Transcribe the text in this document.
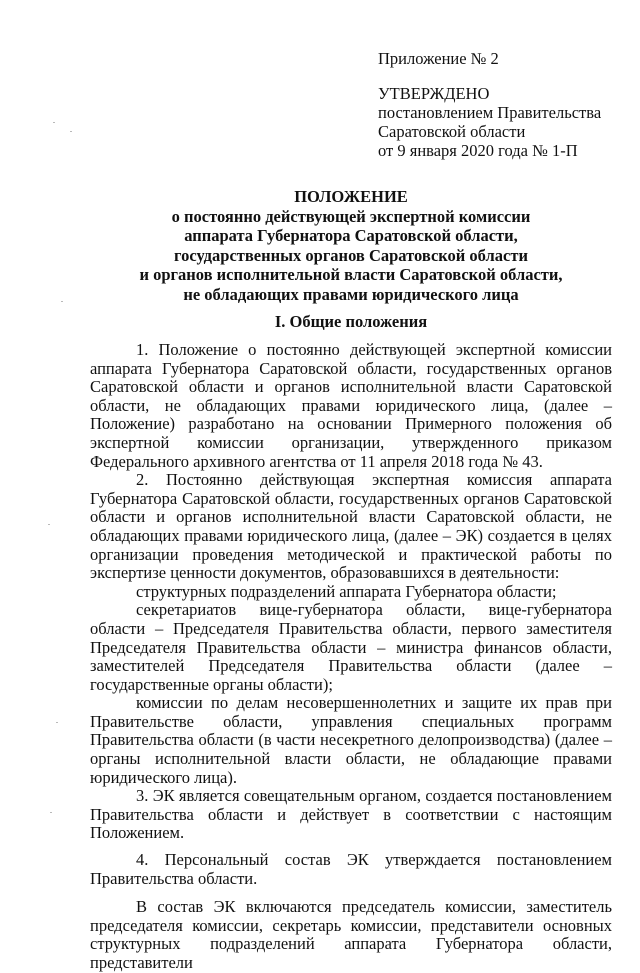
Приложение № 2
УТВЕРЖДЕНО
постановлением Правительства
Саратовской области
от 9 января 2020 года № 1-П
ПОЛОЖЕНИЕ
о постоянно действующей экспертной комиссии
аппарата Губернатора Саратовской области,
государственных органов Саратовской области
и органов исполнительной власти Саратовской области,
не обладающих правами юридического лица
I. Общие положения

1. Положение о постоянно действующей экспертной комиссии аппарата Губернатора Саратовской области, государственных органов Саратовской области и органов исполнительной власти Саратовской области, не обладающих правами юридического лица, (далее – Положение) разработано на основании Примерного положения об экспертной комиссии организации, утвержденного приказом Федерального архивного агентства от 11 апреля 2018 года № 43.

2. Постоянно действующая экспертная комиссия аппарата Губернатора Саратовской области, государственных органов Саратовской области и органов исполнительной власти Саратовской области, не обладающих правами юридического лица, (далее – ЭК) создается в целях организации проведения методической и практической работы по экспертизе ценности документов, образовавшихся в деятельности:

структурных подразделений аппарата Губернатора области;

секретариатов вице-губернатора области, вице-губернатора области – Председателя Правительства области, первого заместителя Председателя Правительства области – министра финансов области, заместителей Председателя Правительства области (далее – государственные органы области);

комиссии по делам несовершеннолетних и защите их прав при Правительстве области, управления специальных программ Правительства области (в части несекретного делопроизводства) (далее – органы исполнительной власти области, не обладающие правами юридического лица).

3. ЭК является совещательным органом, создается постановлением Правительства области и действует в соответствии с настоящим Положением.

4. Персональный состав ЭК утверждается постановлением Правительства области.

В состав ЭК включаются председатель комиссии, заместитель председателя комиссии, секретарь комиссии, представители основных структурных подразделений аппарата Губернатора области, представители
